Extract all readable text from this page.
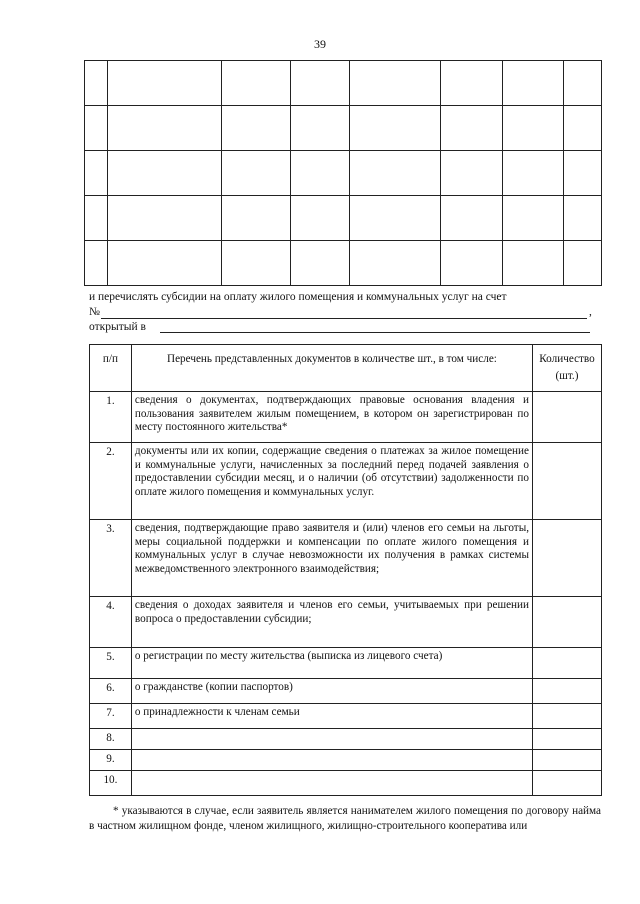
39

и перечислять субсидии на оплату жилого помещения и коммунальных услуг на счет
№	,
открытый в
п/п	Перечень представленных документов в количестве шт., в том числе:	Количество (шт.)
1.	сведения о документах, подтверждающих правовые основания владения и пользования заявителем жилым помещением, в котором он зарегистрирован по месту постоянного жительства*	
2.	документы или их копии, содержащие сведения о платежах за жилое помещение и коммунальные услуги, начисленных за последний перед подачей заявления о предоставлении субсидии месяц, и о наличии (об отсутствии) задолженности по оплате жилого помещения и коммунальных услуг.	
3.	сведения, подтверждающие право заявителя и (или) членов его семьи на льготы, меры социальной поддержки и компенсации по оплате жилого помещения и коммунальных услуг в случае невозможности их получения в рамках системы межведомственного электронного взаимодействия;	
4.	сведения о доходах заявителя и членов его семьи, учитываемых при решении вопроса о предоставлении субсидии;	
5.	о регистрации по месту жительства (выписка из лицевого счета)	
6.	о гражданстве (копии паспортов)	
7.	о принадлежности к членам семьи	
8.		
9.		
10.		
* указываются в случае, если заявитель является нанимателем жилого помещения по договору найма в частном жилищном фонде, членом жилищного, жилищно-строительного кооператива или
